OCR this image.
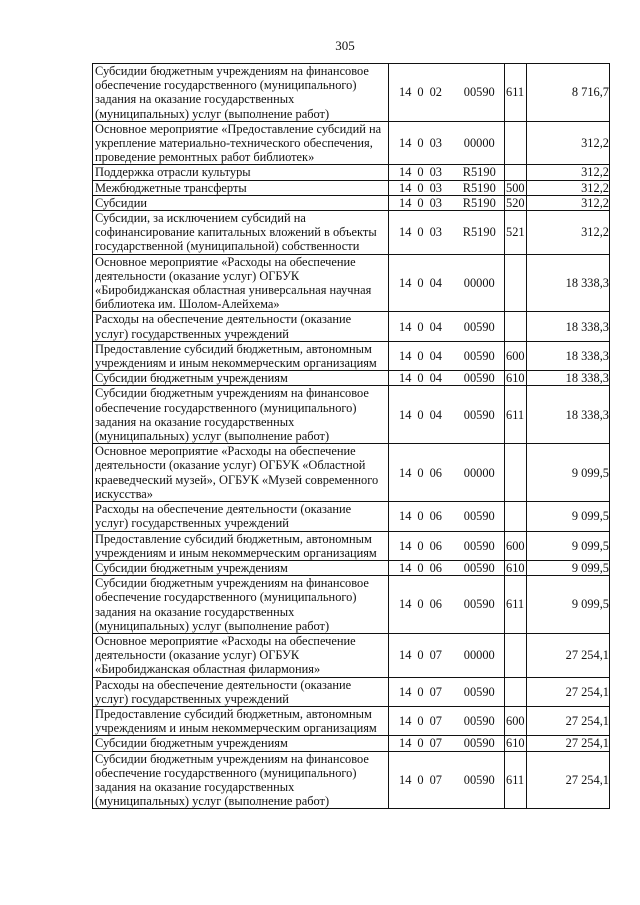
305
Субсидии бюджетным учреждениям на финансовое обеспечение государственного (муниципального) задания на оказание государственных (муниципальных) услуг (выполнение работ)	14 0 02	00590	611	8 716,7
Основное мероприятие «Предоставление субсидий на укрепление материально-технического обеспечения, проведение ремонтных работ библиотек»	14 0 03	00000		312,2
Поддержка отрасли культуры	14 0 03	R5190		312,2
Межбюджетные трансферты	14 0 03	R5190	500	312,2
Субсидии	14 0 03	R5190	520	312,2
Субсидии, за исключением субсидий на софинансирование капитальных вложений в объекты государственной (муниципальной) собственности	14 0 03	R5190	521	312,2
Основное мероприятие «Расходы на обеспечение деятельности (оказание услуг) ОГБУК «Биробиджанская областная универсальная научная библиотека им. Шолом-Алейхема»	14 0 04	00000		18 338,3
Расходы на обеспечение деятельности (оказание услуг) государственных учреждений	14 0 04	00590		18 338,3
Предоставление субсидий бюджетным, автономным учреждениям и иным некоммерческим организациям	14 0 04	00590	600	18 338,3
Субсидии бюджетным учреждениям	14 0 04	00590	610	18 338,3
Субсидии бюджетным учреждениям на финансовое обеспечение государственного (муниципального) задания на оказание государственных (муниципальных) услуг (выполнение работ)	14 0 04	00590	611	18 338,3
Основное мероприятие «Расходы на обеспечение деятельности (оказание услуг) ОГБУК «Областной краеведческий музей», ОГБУК «Музей современного искусства»	14 0 06	00000		9 099,5
Расходы на обеспечение деятельности (оказание услуг) государственных учреждений	14 0 06	00590		9 099,5
Предоставление субсидий бюджетным, автономным учреждениям и иным некоммерческим организациям	14 0 06	00590	600	9 099,5
Субсидии бюджетным учреждениям	14 0 06	00590	610	9 099,5
Субсидии бюджетным учреждениям на финансовое обеспечение государственного (муниципального) задания на оказание государственных (муниципальных) услуг (выполнение работ)	14 0 06	00590	611	9 099,5
Основное мероприятие «Расходы на обеспечение деятельности (оказание услуг) ОГБУК «Биробиджанская областная филармония»	14 0 07	00000		27 254,1
Расходы на обеспечение деятельности (оказание услуг) государственных учреждений	14 0 07	00590		27 254,1
Предоставление субсидий бюджетным, автономным учреждениям и иным некоммерческим организациям	14 0 07	00590	600	27 254,1
Субсидии бюджетным учреждениям	14 0 07	00590	610	27 254,1
Субсидии бюджетным учреждениям на финансовое обеспечение государственного (муниципального) задания на оказание государственных (муниципальных) услуг (выполнение работ)	14 0 07	00590	611	27 254,1
